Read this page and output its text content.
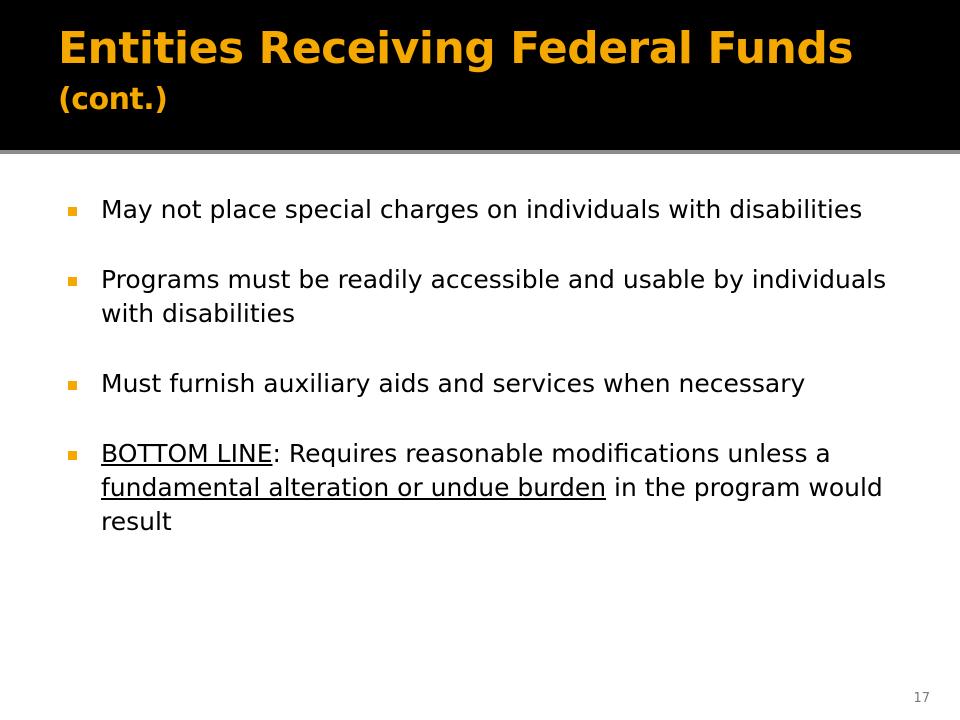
Entities Receiving Federal Funds
(cont.)
May not place special charges on individuals with disabilities
Programs must be readily accessible and usable by individuals with disabilities
Must furnish auxiliary aids and services when necessary
BOTTOM LINE: Requires reasonable modifications unless a fundamental alteration or undue burden in the program would result
17
